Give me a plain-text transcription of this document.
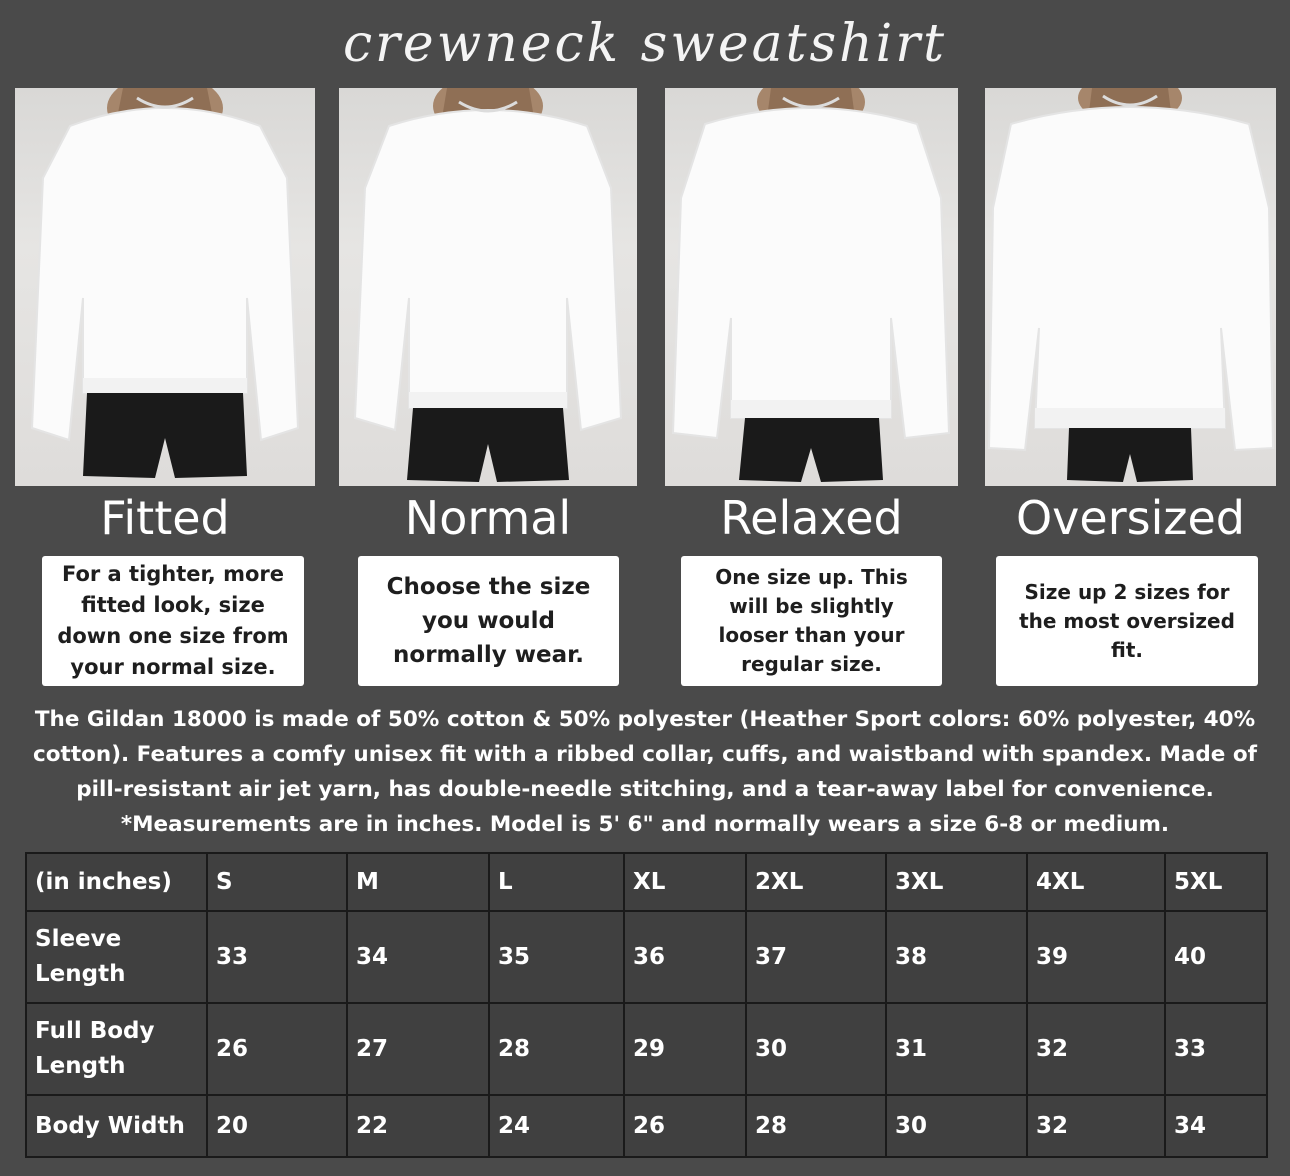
crewneck sweatshirt
Fitted	Normal	Relaxed	Oversized
For a tighter, more fitted look, size down one size from your normal size.
Choose the size you would normally wear.
One size up. This will be slightly looser than your regular size.
Size up 2 sizes for the most oversized fit.
The Gildan 18000 is made of 50% cotton & 50% polyester (Heather Sport colors: 60% polyester, 40%
cotton). Features a comfy unisex fit with a ribbed collar, cuffs, and waistband with spandex. Made of
pill-resistant air jet yarn, has double-needle stitching, and a tear-away label for convenience.
*Measurements are in inches. Model is 5' 6" and normally wears a size 6-8 or medium.
(in inches)	S	M	L	XL	2XL	3XL	4XL	5XL
Sleeve Length	33	34	35	36	37	38	39	40
Full Body Length	26	27	28	29	30	31	32	33
Body Width	20	22	24	26	28	30	32	34
